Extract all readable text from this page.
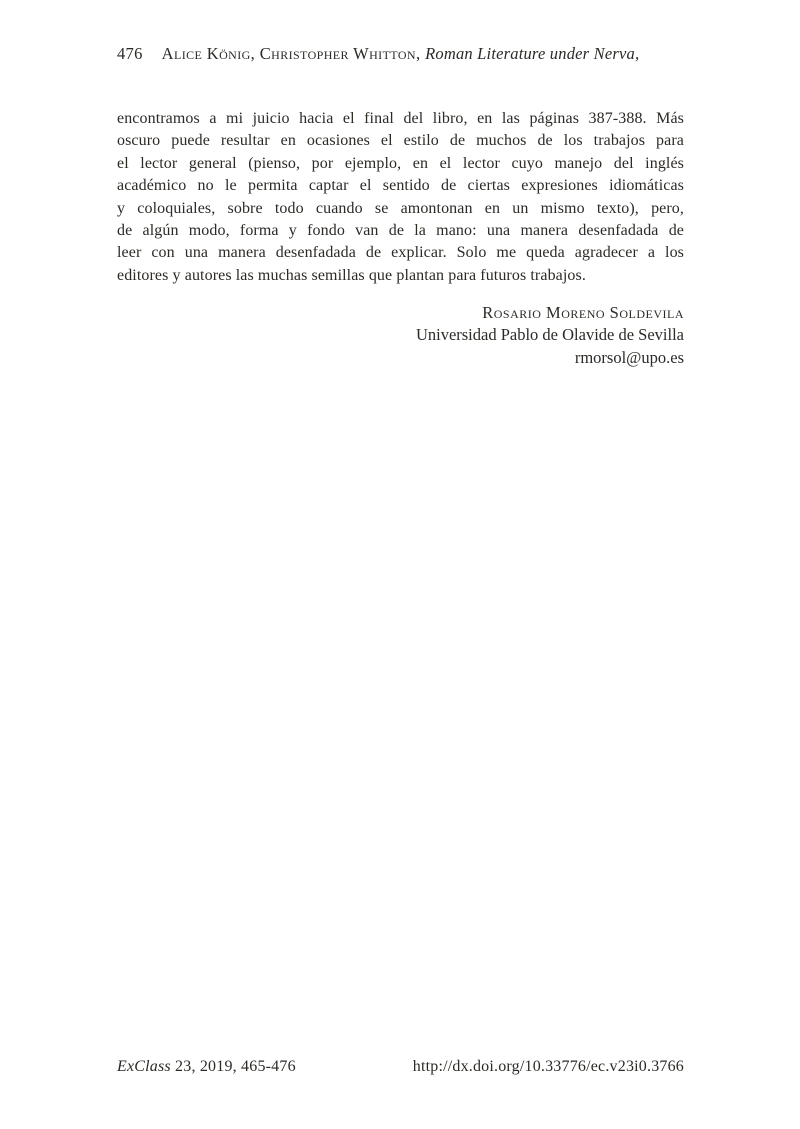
476 Alice König, Christopher Whitton, Roman Literature under Nerva,
encontramos a mi juicio hacia el final del libro, en las páginas 387-388. Más
oscuro puede resultar en ocasiones el estilo de muchos de los trabajos para
el lector general (pienso, por ejemplo, en el lector cuyo manejo del inglés
académico no le permita captar el sentido de ciertas expresiones idiomáticas
y coloquiales, sobre todo cuando se amontonan en un mismo texto), pero,
de algún modo, forma y fondo van de la mano: una manera desenfadada de
leer con una manera desenfadada de explicar. Solo me queda agradecer a los
editores y autores las muchas semillas que plantan para futuros trabajos.
Rosario Moreno Soldevila
Universidad Pablo de Olavide de Sevilla
rmorsol@upo.es
ExClass 23, 2019, 465-476	http://dx.doi.org/10.33776/ec.v23i0.3766
